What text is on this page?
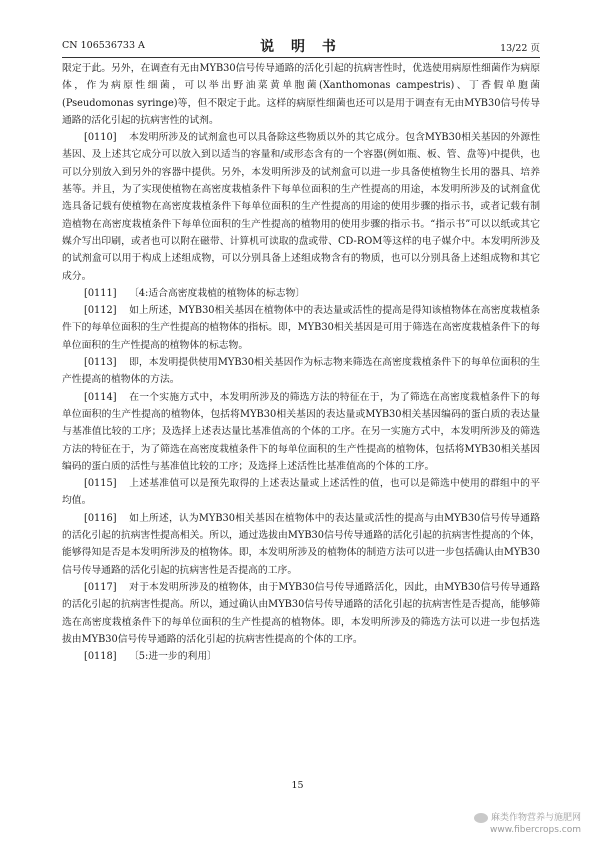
CN 106536733 A	说 明 书	13/22 页

限定于此。另外，在调查有无由MYB30信号传导通路的活化引起的抗病害性时，优选使用病原性细菌作为病原体，作为病原性细菌，可以举出野油菜黄单胞菌(Xanthomonas campestris)、丁香假单胞菌(Pseudomonas syringe)等，但不限定于此。这样的病原性细菌也还可以是用于调查有无由MYB30信号传导通路的活化引起的抗病害性的试剂。

[0110] 本发明所涉及的试剂盒也可以具备除这些物质以外的其它成分。包含MYB30相关基因的外源性基因、及上述其它成分可以放入到以适当的容量和/或形态含有的一个容器(例如瓶、板、管、盘等)中提供，也可以分别放入到另外的容器中提供。另外，本发明所涉及的试剂盒可以进一步具备使植物生长用的器具、培养基等。并且，为了实现使植物在高密度栽植条件下每单位面积的生产性提高的用途，本发明所涉及的试剂盒优选具备记载有使植物在高密度栽植条件下每单位面积的生产性提高的用途的使用步骤的指示书，或者记载有制造植物在高密度栽植条件下每单位面积的生产性提高的植物用的使用步骤的指示书。“指示书”可以以纸或其它媒介写出印刷，或者也可以附在磁带、计算机可读取的盘或带、CD-ROM等这样的电子媒介中。本发明所涉及的试剂盒可以用于构成上述组成物，可以分别具备上述组成物含有的物质，也可以分别具备上述组成物和其它成分。

[0111] 〔4:适合高密度栽植的植物体的标志物〕

[0112] 如上所述，MYB30相关基因在植物体中的表达量或活性的提高是得知该植物体在高密度栽植条件下的每单位面积的生产性提高的植物体的指标。即，MYB30相关基因是可用于筛选在高密度栽植条件下的每单位面积的生产性提高的植物体的标志物。

[0113] 即，本发明提供使用MYB30相关基因作为标志物来筛选在高密度栽植条件下的每单位面积的生产性提高的植物体的方法。

[0114] 在一个实施方式中，本发明所涉及的筛选方法的特征在于，为了筛选在高密度栽植条件下的每单位面积的生产性提高的植物体，包括将MYB30相关基因的表达量或MYB30相关基因编码的蛋白质的表达量与基准值比较的工序；及选择上述表达量比基准值高的个体的工序。在另一实施方式中，本发明所涉及的筛选方法的特征在于，为了筛选在高密度栽植条件下的每单位面积的生产性提高的植物体，包括将MYB30相关基因编码的蛋白质的活性与基准值比较的工序；及选择上述活性比基准值高的个体的工序。

[0115] 上述基准值可以是预先取得的上述表达量或上述活性的值，也可以是筛选中使用的群组中的平均值。

[0116] 如上所述，认为MYB30相关基因在植物体中的表达量或活性的提高与由MYB30信号传导通路的活化引起的抗病害性提高相关。所以，通过选拔由MYB30信号传导通路的活化引起的抗病害性提高的个体，能够得知是否是本发明所涉及的植物体。即，本发明所涉及的植物体的制造方法可以进一步包括确认由MYB30信号传导通路的活化引起的抗病害性是否提高的工序。

[0117] 对于本发明所涉及的植物体，由于MYB30信号传导通路活化，因此，由MYB30信号传导通路的活化引起的抗病害性提高。所以，通过确认由MYB30信号传导通路的活化引起的抗病害性是否提高，能够筛选在高密度栽植条件下的每单位面积的生产性提高的植物体。即，本发明所涉及的筛选方法可以进一步包括选拔由MYB30信号传导通路的活化引起的抗病害性提高的个体的工序。

[0118] 〔5:进一步的利用〕

15
麻类作物营养与施肥网
www.fibercrops.com
